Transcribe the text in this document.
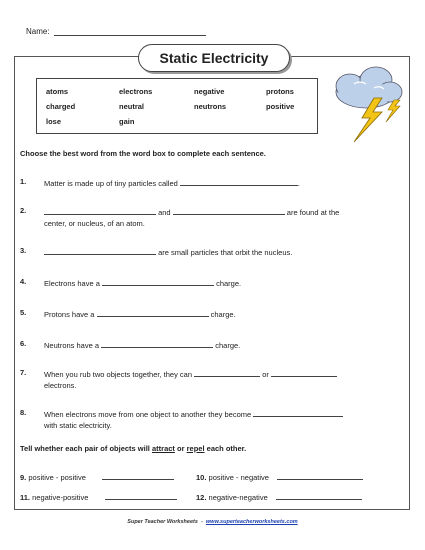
Name:
Static Electricity
atoms	electrons	negative	protons
charged	neutral	neutrons	positive
lose	gain
Choose the best word from the word box to complete each sentence.
1. Matter is made up of tiny particles called	.
2.	and	are found at the
center, or nucleus, of an atom.
3.	are small particles that orbit the nucleus.
4. Electrons have a	charge.
5. Protons have a	charge.
6. Neutrons have a	charge.
7. When you rub two objects together, they can	or
electrons.
8. When electrons move from one object to another they become
with static electricity.
Tell whether each pair of objects will attract or repel each other.
9. positive - positive	10. positive - negative
11. negative-positive	12. negative-negative
Super Teacher Worksheets - www.superteacherworksheets.com
